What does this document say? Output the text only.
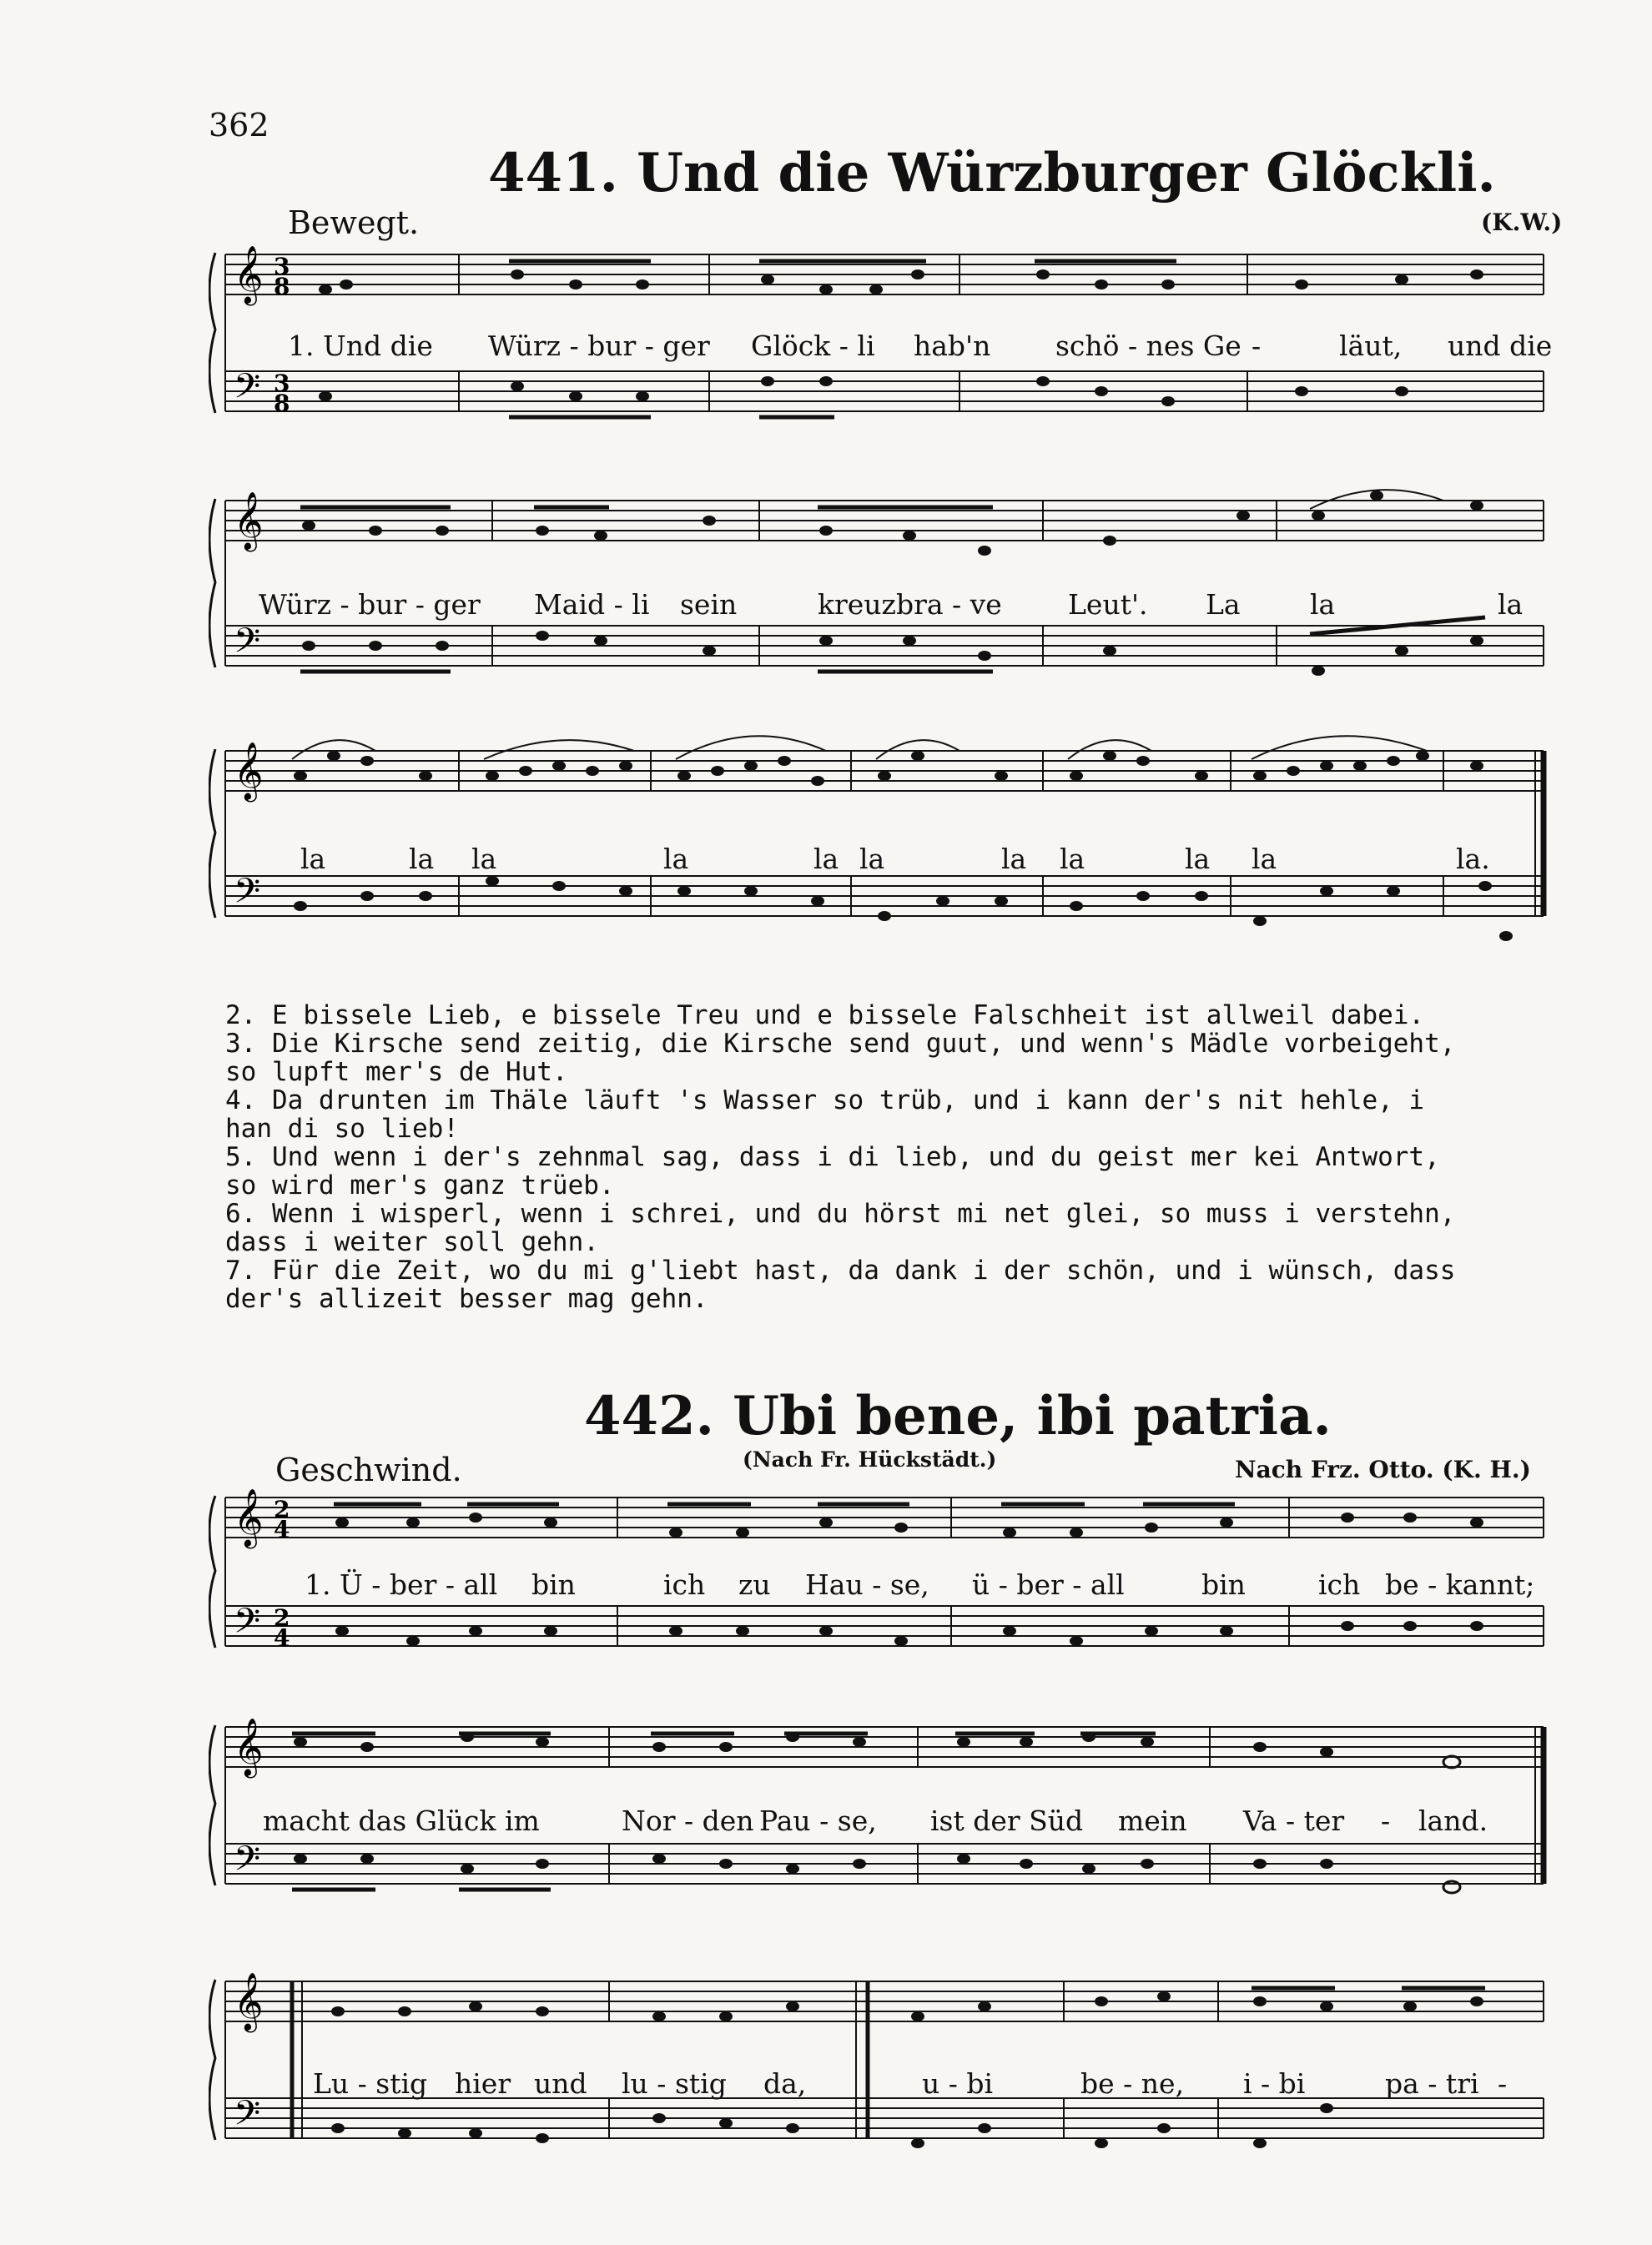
362
441. Und die Würzburger Glöckli.
Bewegt.	(K.W.)
𝄞
𝄢
3
8
3
8
1. Und die Würz - bur - ger Glöck - li hab'n schö - nes Ge -	läut, und die
𝄞
𝄢
Würz - bur - ger Maid - li sein	kreuzbra - ve Leut'. La	la	la
𝄞
𝄢
la	la la	la	la la	la la	la la	la.
2. E bissele Lieb, e bissele Treu und e bissele Falschheit ist allweil dabei.
3. Die Kirsche send zeitig, die Kirsche send guut, und wenn's Mädle vorbeigeht,
so lupft mer's de Hut.
4. Da drunten im Thäle läuft 's Wasser so trüb, und i kann der's nit hehle, i
han di so lieb!
5. Und wenn i der's zehnmal sag, dass i di lieb, und du geist mer kei Antwort,
so wird mer's ganz trüeb.
6. Wenn i wisperl, wenn i schrei, und du hörst mi net glei, so muss i verstehn,
dass i weiter soll gehn.
7. Für die Zeit, wo du mi g'liebt hast, da dank i der schön, und i wünsch, dass
der's allizeit besser mag gehn.
442. Ubi bene, ibi patria.
Geschwind.	(Nach Fr. Hückstädt.)	Nach Frz. Otto. (K. H.)
𝄞
𝄢
2
4
2
4
1. Ü - ber - all bin	ich zu Hau - se, ü - ber - all	bin	ich be - kannt;
𝄞
𝄢
macht das Glück im	Nor - den Pau - se, ist der Süd mein Va - ter - land.
𝄞
𝄢
Lu - stig hier und lu - stig da,	u - bi	be - ne, i - bi	pa - tri -
